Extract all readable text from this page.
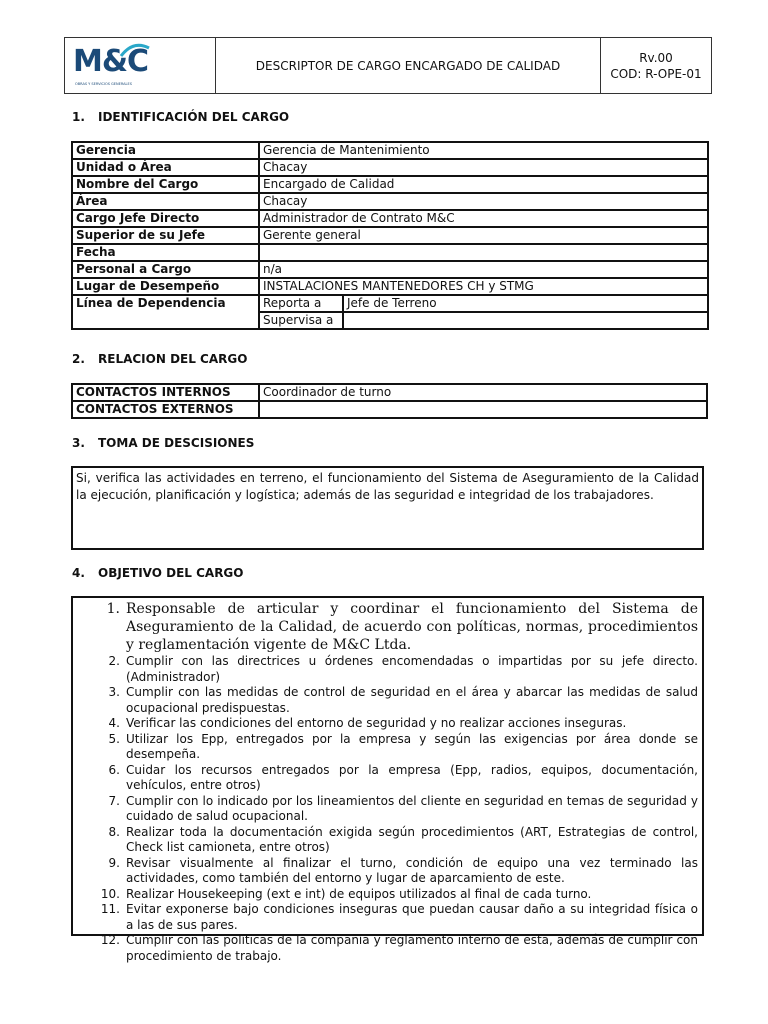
M&C
OBRAS Y SERVICIOS GENERALES
DESCRIPTOR DE CARGO ENCARGADO DE CALIDAD
Rv.00
COD: R-OPE-01
1. IDENTIFICACIÓN DEL CARGO
Gerencia	Gerencia de Mantenimiento	
Unidad o Área	Chacay	
Nombre del Cargo	Encargado de Calidad	
Área	Chacay	
Cargo Jefe Directo	Administrador de Contrato M&C	
Superior de su Jefe	Gerente general	
Fecha		
Personal a Cargo	n/a	
Lugar de Desempeño	INSTALACIONES MANTENEDORES CH y STMG	
Línea de Dependencia	Reporta a	Jefe de Terreno
	Supervisa a	
2. RELACION DEL CARGO
CONTACTOS INTERNOS	Coordinador de turno
CONTACTOS EXTERNOS	
3. TOMA DE DESCISIONES
Si, verifica las actividades en terreno, el funcionamiento del Sistema de Aseguramiento de la Calidad la ejecución, planificación y logística; además de las seguridad e integridad de los trabajadores.
4. OBJETIVO DEL CARGO
1. Responsable de articular y coordinar el funcionamiento del Sistema de Aseguramiento de la Calidad, de acuerdo con políticas, normas, procedimientos y reglamentación vigente de M&C Ltda.
2. Cumplir con las directrices u órdenes encomendadas o impartidas por su jefe directo. (Administrador)
3. Cumplir con las medidas de control de seguridad en el área y abarcar las medidas de salud ocupacional predispuestas.
4. Verificar las condiciones del entorno de seguridad y no realizar acciones inseguras.
5. Utilizar los Epp, entregados por la empresa y según las exigencias por área donde se desempeña.
6. Cuidar los recursos entregados por la empresa (Epp, radios, equipos, documentación, vehículos, entre otros)
7. Cumplir con lo indicado por los lineamientos del cliente en seguridad en temas de seguridad y cuidado de salud ocupacional.
8. Realizar toda la documentación exigida según procedimientos (ART, Estrategias de control, Check list camioneta, entre otros)
9. Revisar visualmente al finalizar el turno, condición de equipo una vez terminado las actividades, como también del entorno y lugar de aparcamiento de este.
10. Realizar Housekeeping (ext e int) de equipos utilizados al final de cada turno.
11. Evitar exponerse bajo condiciones inseguras que puedan causar daño a su integridad física o a las de sus pares.
12. Cumplir con las políticas de la compañía y reglamento interno de esta, además de cumplir con procedimiento de trabajo.
